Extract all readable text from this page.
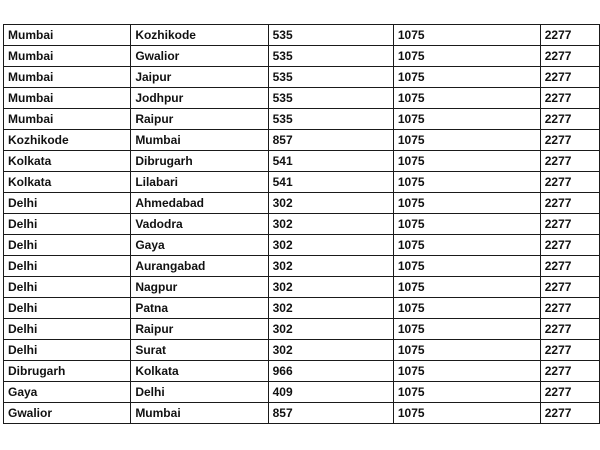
Mumbai	Kozhikode	535	1075	2277
Mumbai	Gwalior	535	1075	2277
Mumbai	Jaipur	535	1075	2277
Mumbai	Jodhpur	535	1075	2277
Mumbai	Raipur	535	1075	2277
Kozhikode	Mumbai	857	1075	2277
Kolkata	Dibrugarh	541	1075	2277
Kolkata	Lilabari	541	1075	2277
Delhi	Ahmedabad	302	1075	2277
Delhi	Vadodra	302	1075	2277
Delhi	Gaya	302	1075	2277
Delhi	Aurangabad	302	1075	2277
Delhi	Nagpur	302	1075	2277
Delhi	Patna	302	1075	2277
Delhi	Raipur	302	1075	2277
Delhi	Surat	302	1075	2277
Dibrugarh	Kolkata	966	1075	2277
Gaya	Delhi	409	1075	2277
Gwalior	Mumbai	857	1075	2277
